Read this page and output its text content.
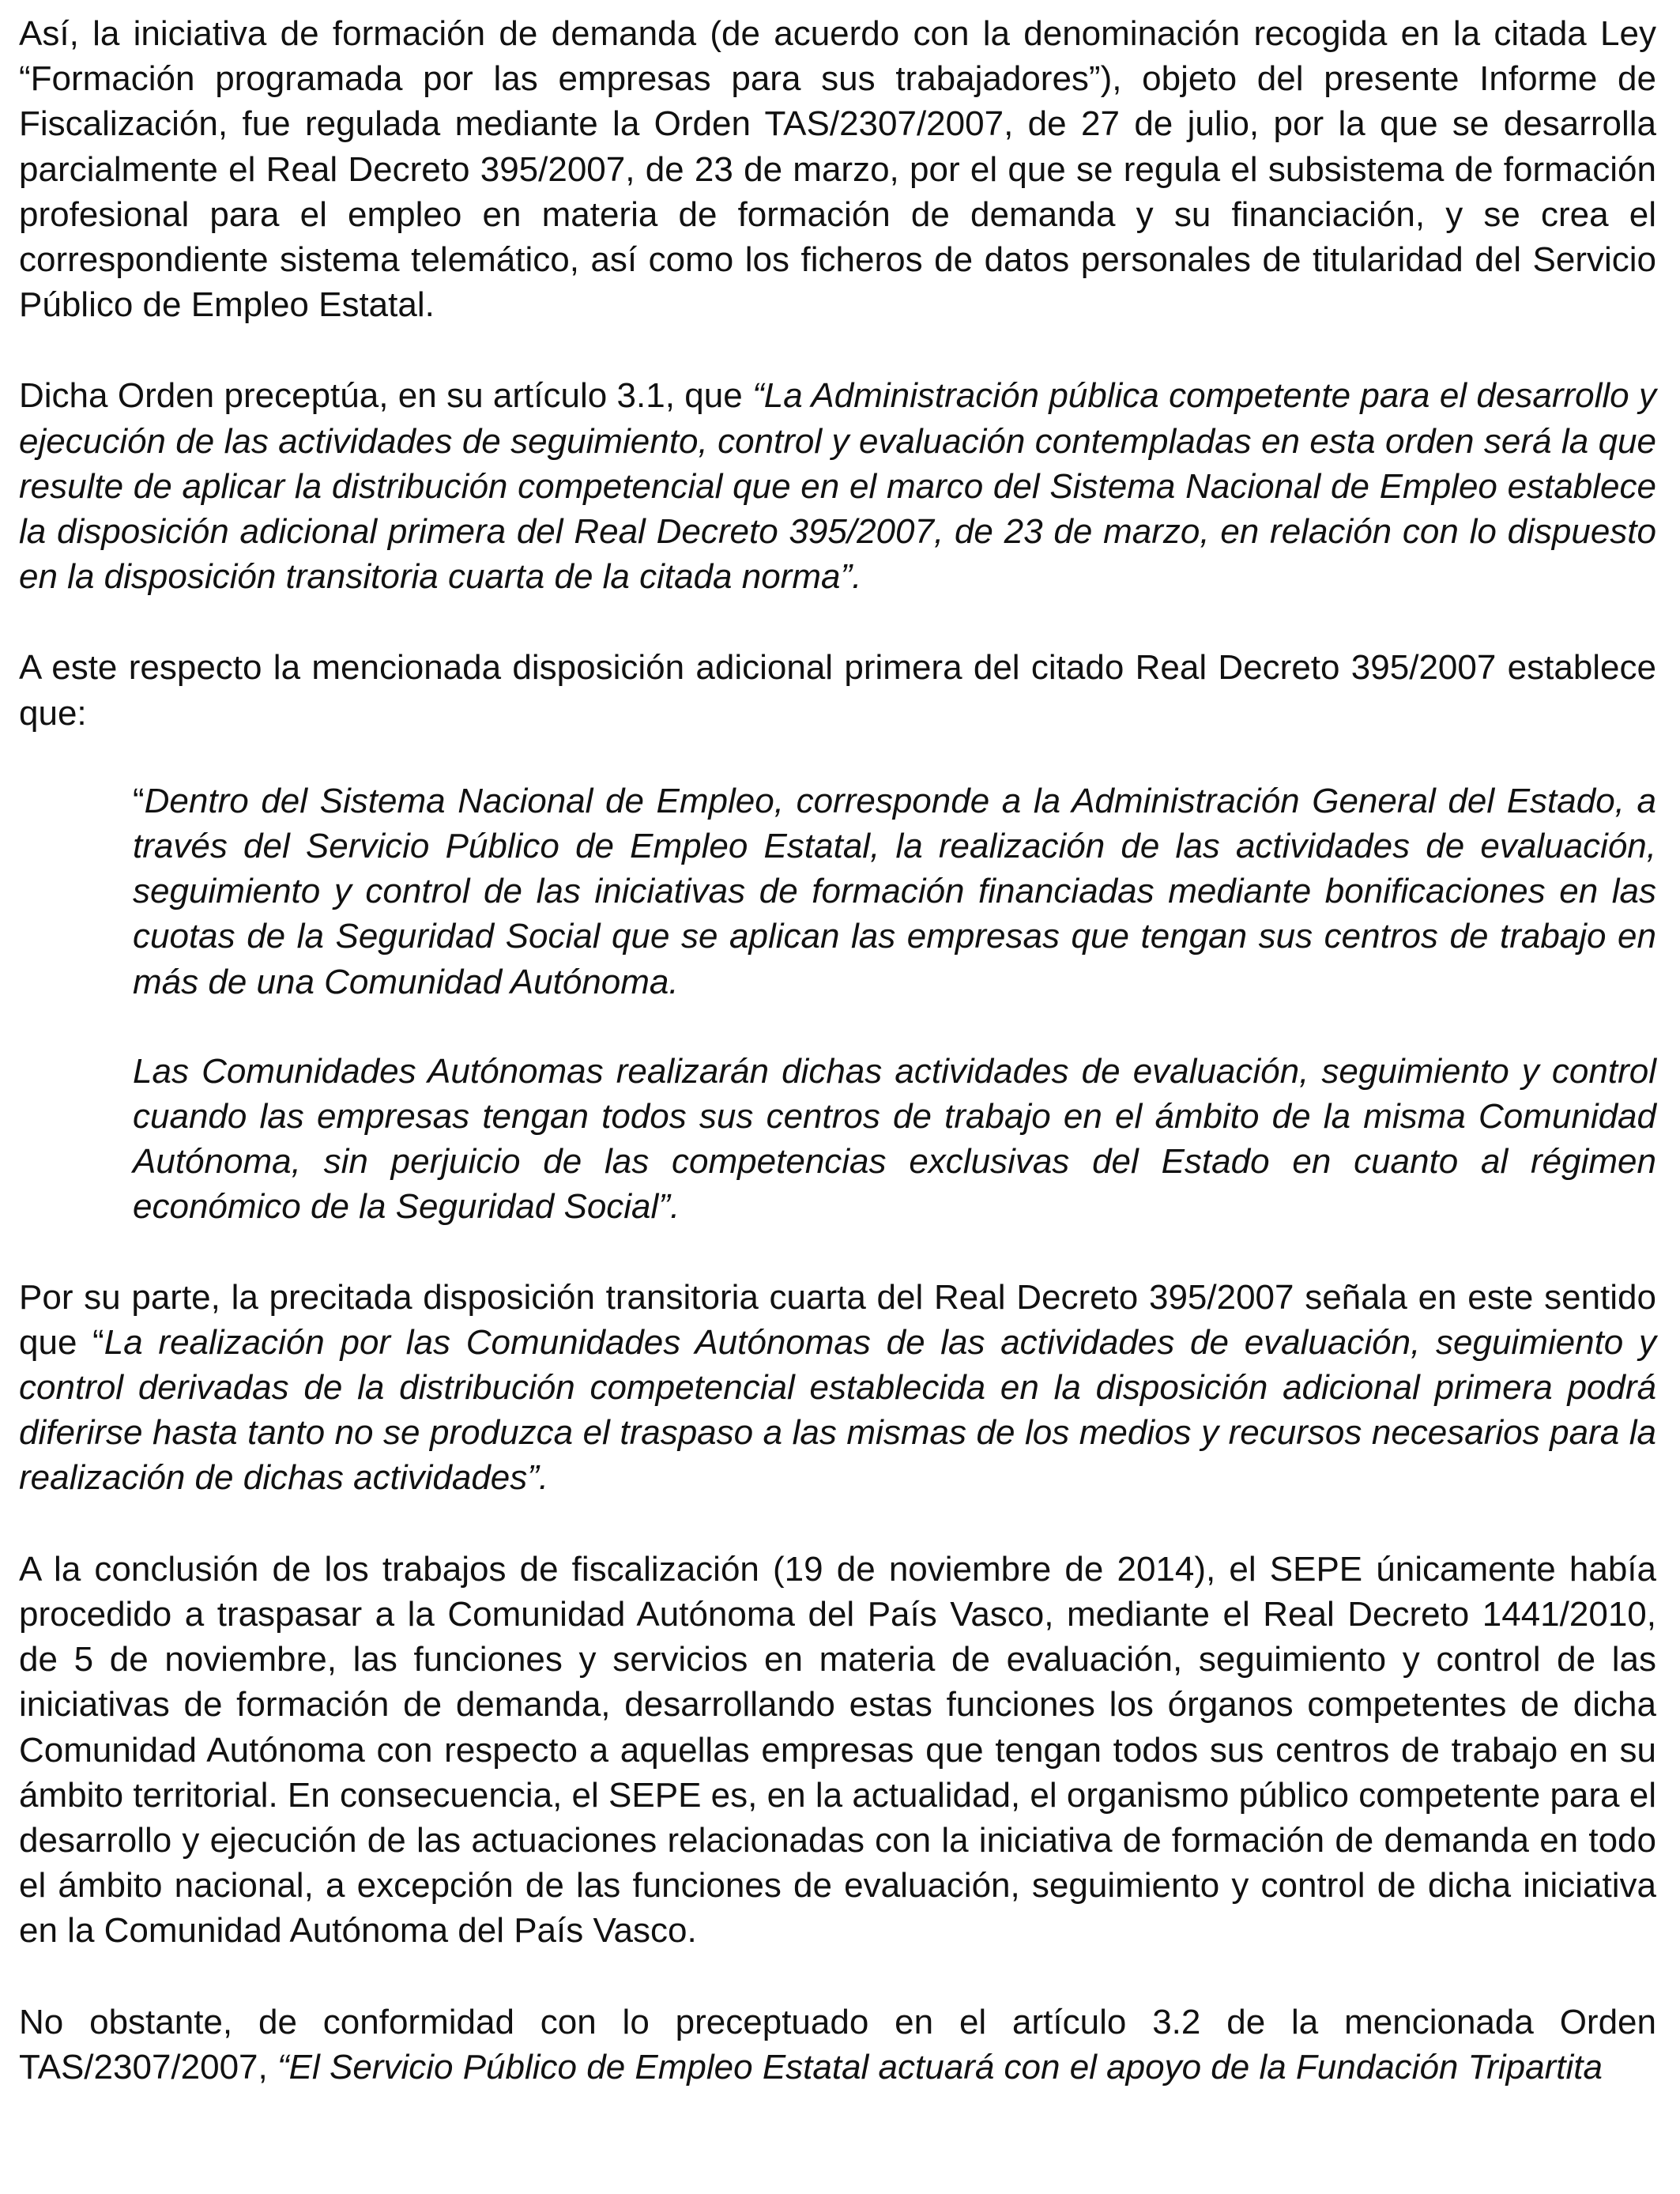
Así, la iniciativa de formación de demanda (de acuerdo con la denominación recogida en la citada Ley “Formación programada por las empresas para sus trabajadores”), objeto del presente Informe de Fiscalización, fue regulada mediante la Orden TAS/2307/2007, de 27 de julio, por la que se desarrolla parcialmente el Real Decreto 395/2007, de 23 de marzo, por el que se regula el subsistema de formación profesional para el empleo en materia de formación de demanda y su financiación, y se crea el correspondiente sistema telemático, así como los ficheros de datos personales de titularidad del Servicio Público de Empleo Estatal.

Dicha Orden preceptúa, en su artículo 3.1, que “La Administración pública competente para el desarrollo y ejecución de las actividades de seguimiento, control y evaluación contempladas en esta orden será la que resulte de aplicar la distribución competencial que en el marco del Sistema Nacional de Empleo establece la disposición adicional primera del Real Decreto 395/2007, de 23 de marzo, en relación con lo dispuesto en la disposición transitoria cuarta de la citada norma”.

A este respecto la mencionada disposición adicional primera del citado Real Decreto 395/2007 establece que:

“Dentro del Sistema Nacional de Empleo, corresponde a la Administración General del Estado, a través del Servicio Público de Empleo Estatal, la realización de las actividades de evaluación, seguimiento y control de las iniciativas de formación financiadas mediante bonificaciones en las cuotas de la Seguridad Social que se aplican las empresas que tengan sus centros de trabajo en más de una Comunidad Autónoma.

Las Comunidades Autónomas realizarán dichas actividades de evaluación, seguimiento y control cuando las empresas tengan todos sus centros de trabajo en el ámbito de la misma Comunidad Autónoma, sin perjuicio de las competencias exclusivas del Estado en cuanto al régimen económico de la Seguridad Social”.

Por su parte, la precitada disposición transitoria cuarta del Real Decreto 395/2007 señala en este sentido que “La realización por las Comunidades Autónomas de las actividades de evaluación, seguimiento y control derivadas de la distribución competencial establecida en la disposición adicional primera podrá diferirse hasta tanto no se produzca el traspaso a las mismas de los medios y recursos necesarios para la realización de dichas actividades”.

A la conclusión de los trabajos de fiscalización (19 de noviembre de 2014), el SEPE únicamente había procedido a traspasar a la Comunidad Autónoma del País Vasco, mediante el Real Decreto 1441/2010, de 5 de noviembre, las funciones y servicios en materia de evaluación, seguimiento y control de las iniciativas de formación de demanda, desarrollando estas funciones los órganos competentes de dicha Comunidad Autónoma con respecto a aquellas empresas que tengan todos sus centros de trabajo en su ámbito territorial. En consecuencia, el SEPE es, en la actualidad, el organismo público competente para el desarrollo y ejecución de las actuaciones relacionadas con la iniciativa de formación de demanda en todo el ámbito nacional, a excepción de las funciones de evaluación, seguimiento y control de dicha iniciativa en la Comunidad Autónoma del País Vasco.

No obstante, de conformidad con lo preceptuado en el artículo 3.2 de la mencionada Orden TAS/2307/2007, “El Servicio Público de Empleo Estatal actuará con el apoyo de la Fundación Tripartita
